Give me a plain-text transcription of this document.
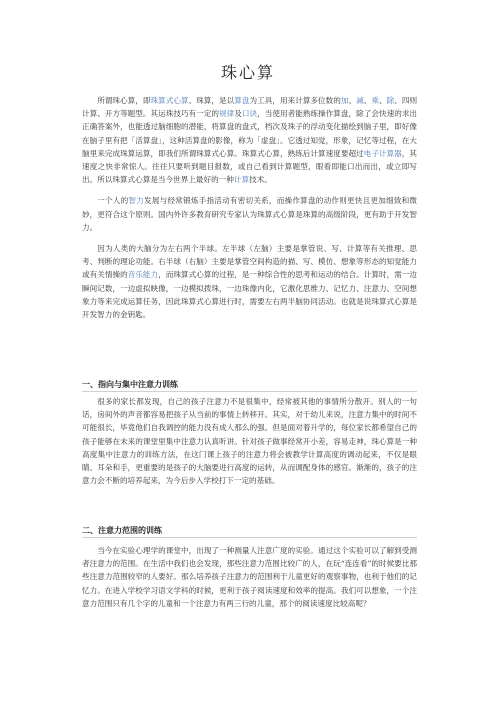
珠心算

所谓珠心算，即珠算式心算、珠算，是以算盘为工具，用来计算多位数的加、减、乘、除、四则计算、开方等题型。其运珠技巧有一定的规律及口诀，当使用者能熟练操作算盘，除了会快速的求出正确答案外，也能透过脑细胞的潜能，将算盘的盘式，档次及珠子的浮动变化描绘到脑子里，即好像在脑子里有把「活算盘」，这种活算盘的影像，称为「虚盘」。它透过知觉，形象，记忆等过程，在大脑里来完成珠算运算，即我们所谓珠算式心算。珠算式心算，熟练后计算速度要超过电子计算器，其速度之快非常惊人。往往只要听到题目报数，或自己看到计算题型，眼看即能口出而出，或立即写出。所以珠算式心算是当今世界上最好的一种计算技术。

一个人的智力发展与经常锻炼手指活动有密切关系，而操作算盘的动作则更快且更加细致和微妙，更符合这个原则。国内外许多教育研究专家认为珠算式心算是珠算的高级阶段，更有助于开发智力。

因为人类的大脑分为左右两个半球。左半球（左脑）主要是掌管说、写、计算等有关推理、思考、判断的理论功能。右半球（右脑）主要是掌管空间构造的描、写、模仿、想象等形态的知觉能力或有关情操的音乐能力，而珠算式心算的过程，是一种综合性的思考和运动的结合。计算时，需一边瞬间记数，一边虚拟映像，一边模拟拨珠，一边珠像内化，它激化思维力、记忆力、注意力、空间想象力等来完成运算任务，因此珠算式心算进行时，需要左右两半脑协同活动。也就是说珠算式心算是开发智力的金钥匙。

一、指向与集中注意力训练

很多的家长都发现，自己的孩子注意力不是很集中，经常被其他的事情所分散开。别人的一句话，房间外的声音都容易把孩子从当前的事情上转移开。其实，对于幼儿来说，注意力集中的时间不可能很长，毕竟他们自我调控的能力没有成人那么的强。但是面对着升学的，每位家长都希望自己的孩子能够在未来的课堂里集中注意力认真听讲。针对孩子做事经常开小差，容易走神，珠心算是一种高度集中注意力的训练方法，在这门课上孩子的注意力将会被教学计算高度的调动起来，不仅是眼睛、耳朵和手，更重要的是孩子的大脑要进行高度的运转，从而调配身体的感官。渐渐的，孩子的注意力会不断的培养起来，为今后步入学校打下一定的基础。

二、注意力范围的训练

当今在实验心理学的课堂中，出现了一种测量人注意广度的实验。通过这个实验可以了解到受测者注意力的范围。在生活中我们也会发现，那些注意力范围比较广的人，在玩“连连看”的时候要比那些注意力范围较窄的人要好。那么培养孩子注意力的范围利于儿童更好的观察事物，也利于他们的记忆力。在进入学校学习语文学科的时候，更利于孩子阅读速度和效率的提高。我们可以想象，一个注意力范围只有几个字的儿童和一个注意力有两三行的儿童，那个的阅读速度比较高呢？
